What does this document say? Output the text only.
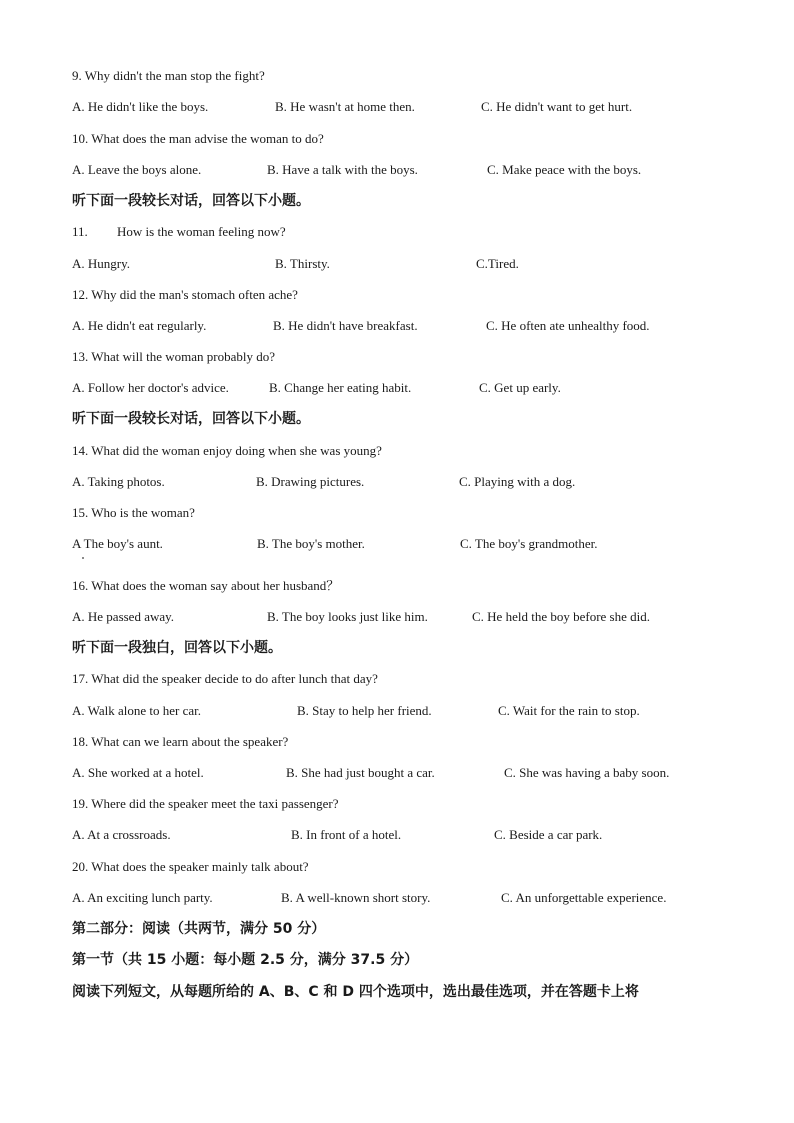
9. Why didn't the man stop the fight?
A. He didn't like the boys.	B. He wasn't at home then.	C. He didn't want to get hurt.
10. What does the man advise the woman to do?
A. Leave the boys alone.	B. Have a talk with the boys.	C. Make peace with the boys.
听下面一段较长对话，回答以下小题。
11. How is the woman feeling now?
A. Hungry.	B. Thirsty.	C.Tired.
12. Why did the man's stomach often ache?
A. He didn't eat regularly.	B. He didn't have breakfast.	C. He often ate unhealthy food.
13. What will the woman probably do?
A. Follow her doctor's advice.	B. Change her eating habit.	C. Get up early.
听下面一段较长对话，回答以下小题。
14. What did the woman enjoy doing when she was young?
A. Taking photos.	B. Drawing pictures.	C. Playing with a dog.
15. Who is the woman?
A The boy's aunt.	B. The boy's mother.	C. The boy's grandmother.
16. What does the woman say about her husband？
A. He passed away.	B. The boy looks just like him.	C. He held the boy before she did.
听下面一段独白，回答以下小题。
17. What did the speaker decide to do after lunch that day?
A. Walk alone to her car.	B. Stay to help her friend.	C. Wait for the rain to stop.
18. What can we learn about the speaker?
A. She worked at a hotel.	B. She had just bought a car.	C. She was having a baby soon.
19. Where did the speaker meet the taxi passenger?
A. At a crossroads.	B. In front of a hotel.	C. Beside a car park.
20. What does the speaker mainly talk about?
A. An exciting lunch party.	B. A well-known short story.	C. An unforgettable experience.
第二部分：阅读（共两节，满分 50 分）
第一节（共 15 小题：每小题 2.5 分，满分 37.5 分）
阅读下列短文，从每题所给的 A、B、C 和 D 四个选项中，选出最佳选项，并在答题卡上将
